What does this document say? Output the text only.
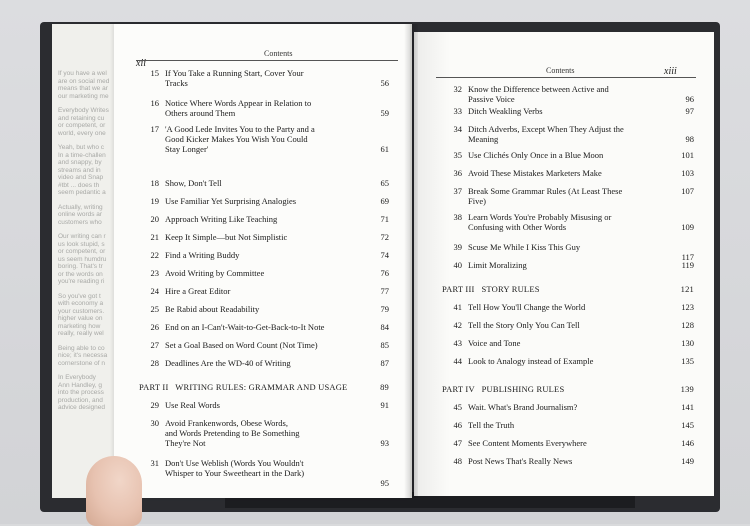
If you have a wel
are on social med
means that we ar
our marketing me

Everybody Writes
and retaining cu
or competent, or
world, every one

Yeah, but who c
In a time-challen
and snappy, by
streams and in
video and Snap
#tbt ... does th
seem pedantic a

Actually, writing
online words ar
customers who

Our writing can r
us look stupid, s
or competent, or
us seem humdru
boring. That's tr
or the words on
you're reading ri

So you've got t
with economy a
your customers.
higher value on
marketing how
really, really wel

Being able to co
nice; it's necessa
cornerstone of n

In Everybody
Ann Handley, g
into the process
production, and
advice designed

xii
Contents
15 If You Take a Running Start, Cover Your
Tracks	56
16 Notice Where Words Appear in Relation to
Others around Them	59
17 'A Good Lede Invites You to the Party and a
Good Kicker Makes You Wish You Could
Stay Longer'	61
18 Show, Don't Tell	65
19 Use Familiar Yet Surprising Analogies	69
20 Approach Writing Like Teaching	71
21 Keep It Simple—but Not Simplistic	72
22 Find a Writing Buddy	74
23 Avoid Writing by Committee	76
24 Hire a Great Editor	77
25 Be Rabid about Readability	79
26 End on an I-Can't-Wait-to-Get-Back-to-It Note	84
27 Set a Goal Based on Word Count (Not Time)	85
28 Deadlines Are the WD-40 of Writing	87
PART II   WRITING RULES: GRAMMAR AND USAGE	89
29 Use Real Words	91
30 Avoid Frankenwords, Obese Words,
and Words Pretending to Be Something
They're Not	93
31 Don't Use Weblish (Words You Wouldn't
Whisper to Your Sweetheart in the Dark)
95
Contents	xiii
32 Know the Difference between Active and
Passive Voice	96
33 Ditch Weakling Verbs	97
34 Ditch Adverbs, Except When They Adjust the
Meaning	98
35 Use Clichés Only Once in a Blue Moon	101
36 Avoid These Mistakes Marketers Make	103
37 Break Some Grammar Rules (At Least These
Five)
107
38 Learn Words You're Probably Misusing or
Confusing with Other Words	109
39 Scuse Me While I Kiss This Guy
117
40 Limit Moralizing	119
PART III   STORY RULES	121
41 Tell How You'll Change the World	123
42 Tell the Story Only You Can Tell	128
43 Voice and Tone	130
44 Look to Analogy instead of Example	135
PART IV   PUBLISHING RULES	139
45 Wait. What's Brand Journalism?	141
46 Tell the Truth	145
47 See Content Moments Everywhere	146
48 Post News That's Really News	149
